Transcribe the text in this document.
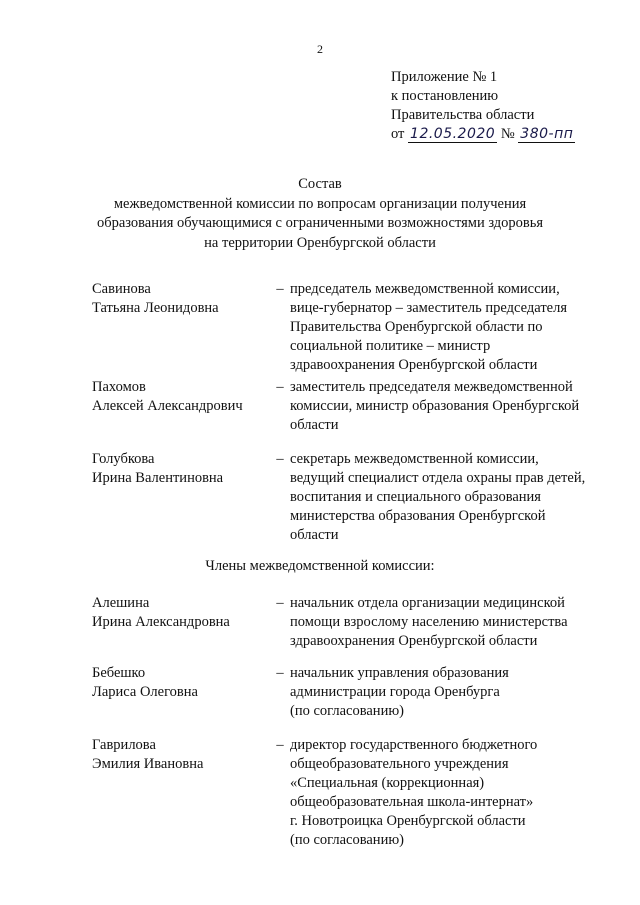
2
Приложение № 1
к постановлению
Правительства области
от 12.05.2020 № 380-пп
Состав
межведомственной комиссии по вопросам организации получения
образования обучающимися с ограниченными возможностями здоровья
на территории Оренбургской области
Савинова
Татьяна Леонидовна
– председатель межведомственной комиссии,
вице-губернатор – заместитель председателя
Правительства Оренбургской области по
социальной политике – министр
здравоохранения Оренбургской области
Пахомов
Алексей Александрович
– заместитель председателя межведомственной
комиссии, министр образования Оренбургской
области
Голубкова
Ирина Валентиновна
– секретарь межведомственной комиссии,
ведущий специалист отдела охраны прав детей,
воспитания и специального образования
министерства образования Оренбургской
области
Члены межведомственной комиссии:
Алешина
Ирина Александровна
– начальник отдела организации медицинской
помощи взрослому населению министерства
здравоохранения Оренбургской области
Бебешко
Лариса Олеговна
– начальник управления образования
администрации города Оренбурга
(по согласованию)
Гаврилова
Эмилия Ивановна
– директор государственного бюджетного
общеобразовательного учреждения
«Специальная (коррекционная)
общеобразовательная школа-интернат»
г. Новотроицка Оренбургской области
(по согласованию)
